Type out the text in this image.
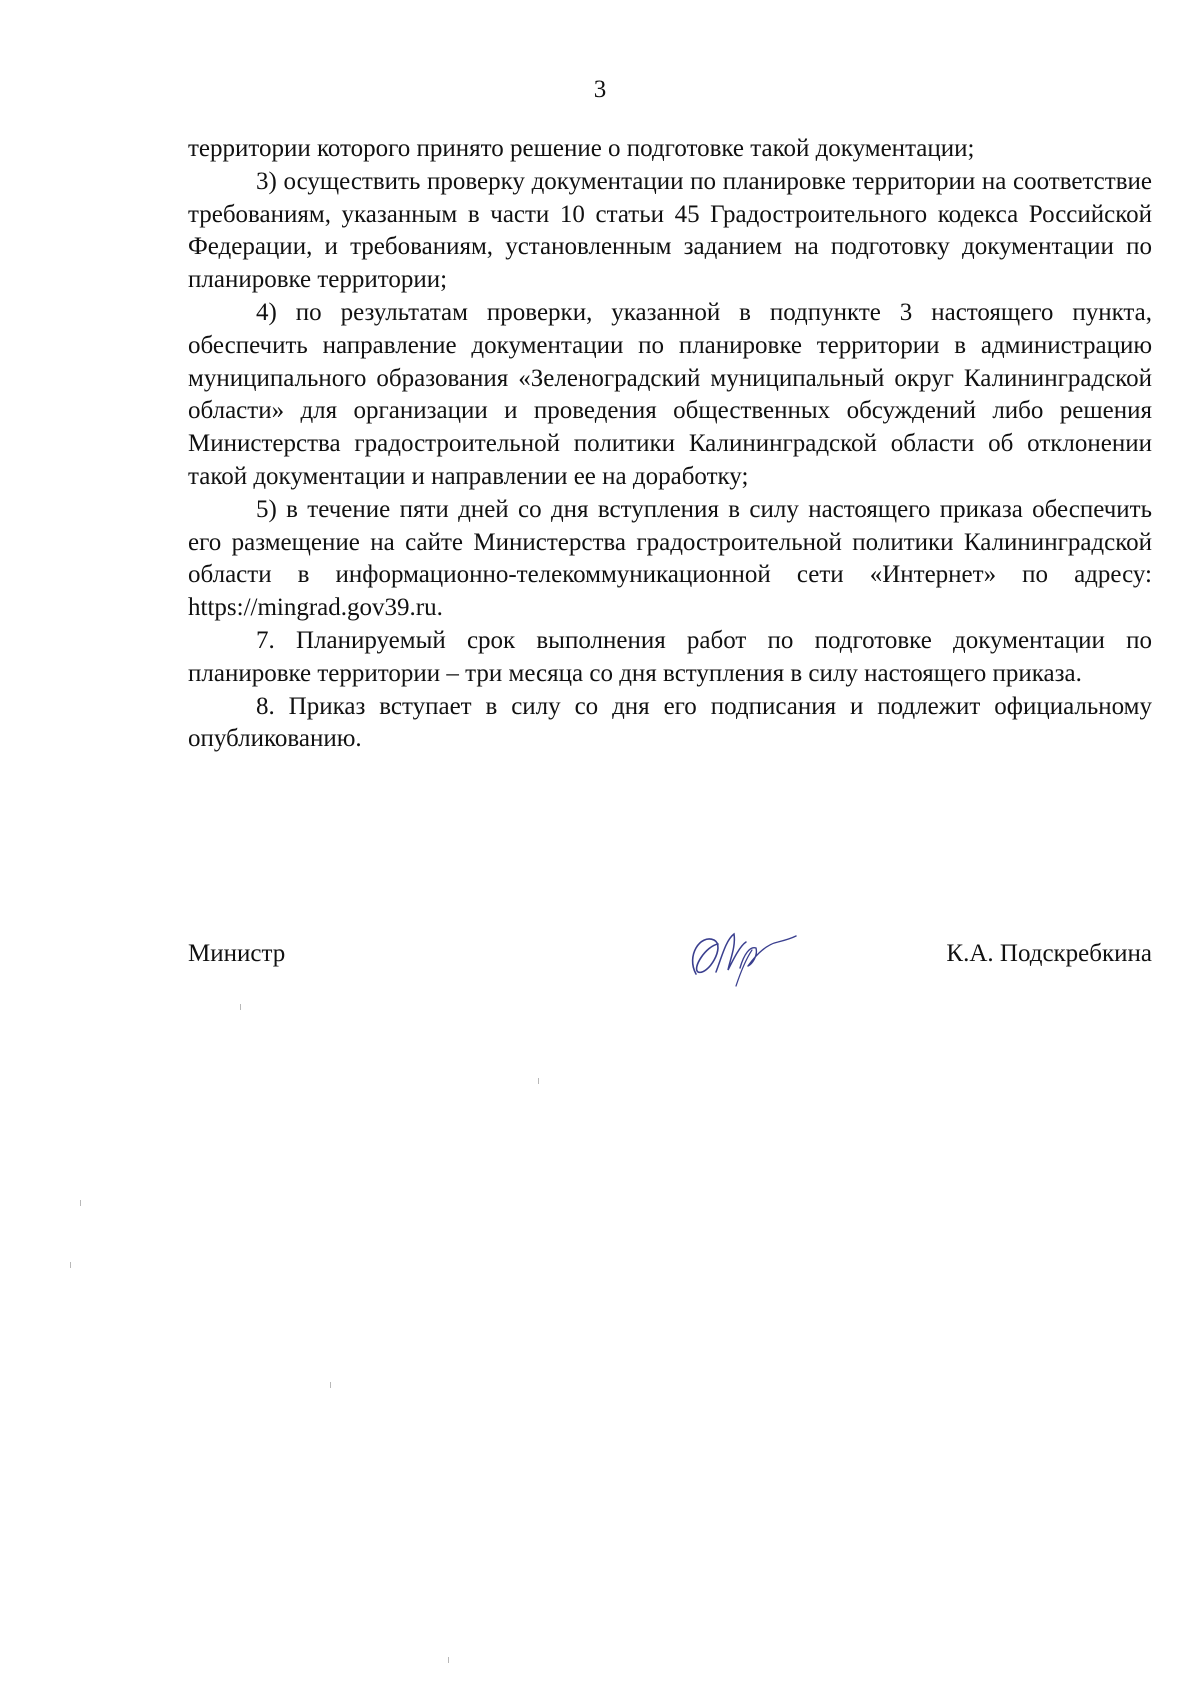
3

территории которого принято решение о подготовке такой документации;

3) осуществить проверку документации по планировке территории на соответствие требованиям, указанным в части 10 статьи 45 Градостроительного кодекса Российской Федерации, и требованиям, установленным заданием на подготовку документации по планировке территории;

4) по результатам проверки, указанной в подпункте 3 настоящего пункта, обеспечить направление документации по планировке территории в администрацию муниципального образования «Зеленоградский муниципальный округ Калининградской области» для организации и проведения общественных обсуждений либо решения Министерства градостроительной политики Калининградской области об отклонении такой документации и направлении ее на доработку;

5) в течение пяти дней со дня вступления в силу настоящего приказа обеспечить его размещение на сайте Министерства градостроительной политики Калининградской области в информационно-телекоммуникационной сети «Интернет» по адресу: https://mingrad.gov39.ru.

7. Планируемый срок выполнения работ по подготовке документации по планировке территории – три месяца со дня вступления в силу настоящего приказа.

8. Приказ вступает в силу со дня его подписания и подлежит официальному опубликованию.

Министр	К.А. Подскребкина
